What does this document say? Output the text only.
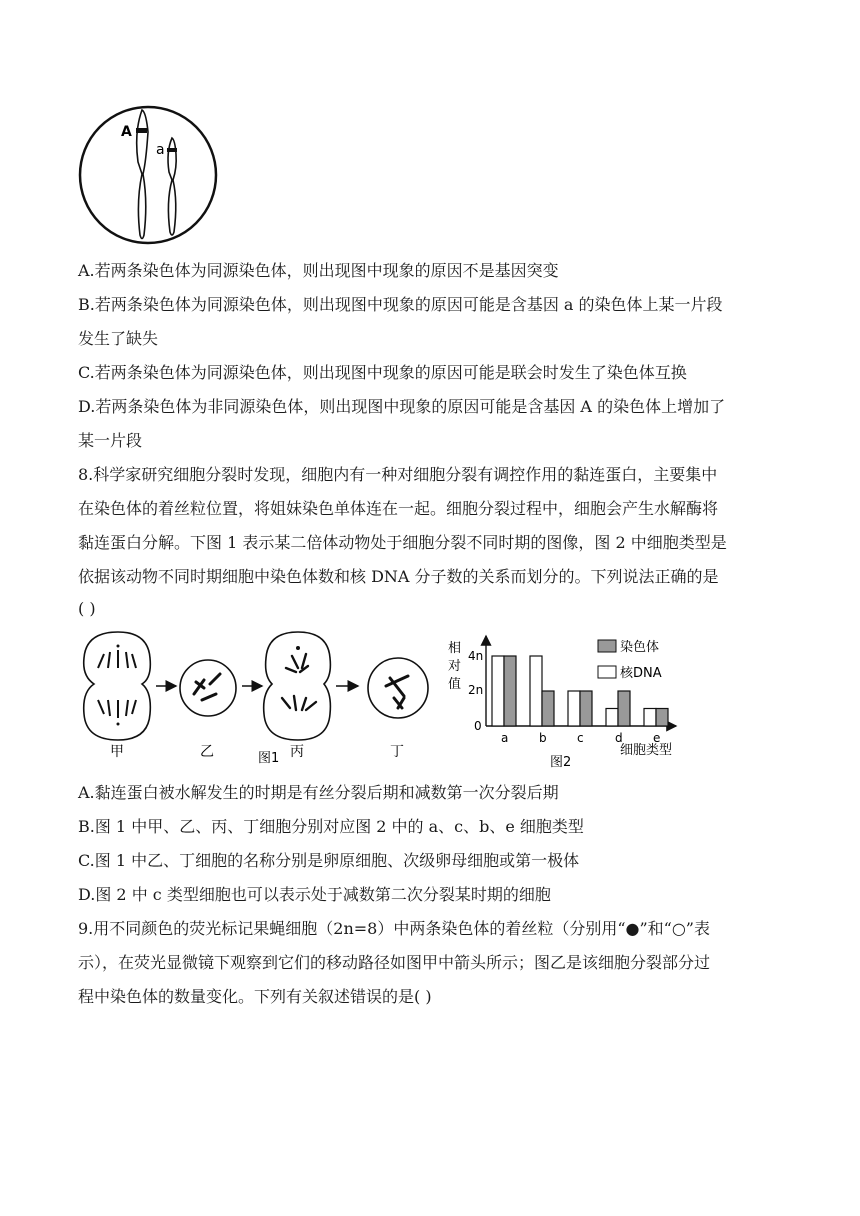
A
a
A.若两条染色体为同源染色体，则出现图中现象的原因不是基因突变
B.若两条染色体为同源染色体，则出现图中现象的原因可能是含基因 a 的染色体上某一片段
发生了缺失
C.若两条染色体为同源染色体，则出现图中现象的原因可能是联会时发生了染色体互换
D.若两条染色体为非同源染色体，则出现图中现象的原因可能是含基因 A 的染色体上增加了
某一片段
8.科学家研究细胞分裂时发现，细胞内有一种对细胞分裂有调控作用的黏连蛋白，主要集中
在染色体的着丝粒位置，将姐妹染色单体连在一起。细胞分裂过程中，细胞会产生水解酶将
黏连蛋白分解。下图 1 表示某二倍体动物处于细胞分裂不同时期的图像，图 2 中细胞类型是
依据该动物不同时期细胞中染色体数和核 DNA 分子数的关系而划分的。下列说法正确的是
( )
甲	乙	图1 丙	丁
相
对
值
4n
2n
0
a	b	c	d	e
染色体
核DNA
细胞类型
图2
A.黏连蛋白被水解发生的时期是有丝分裂后期和减数第一次分裂后期
B.图 1 中甲、乙、丙、丁细胞分别对应图 2 中的 a、c、b、e 细胞类型
C.图 1 中乙、丁细胞的名称分别是卵原细胞、次级卵母细胞或第一极体
D.图 2 中 c 类型细胞也可以表示处于减数第二次分裂某时期的细胞
9.用不同颜色的荧光标记果蝇细胞（2n=8）中两条染色体的着丝粒（分别用“●”和“○”表
示），在荧光显微镜下观察到它们的移动路径如图甲中箭头所示；图乙是该细胞分裂部分过
程中染色体的数量变化。下列有关叙述错误的是( )
